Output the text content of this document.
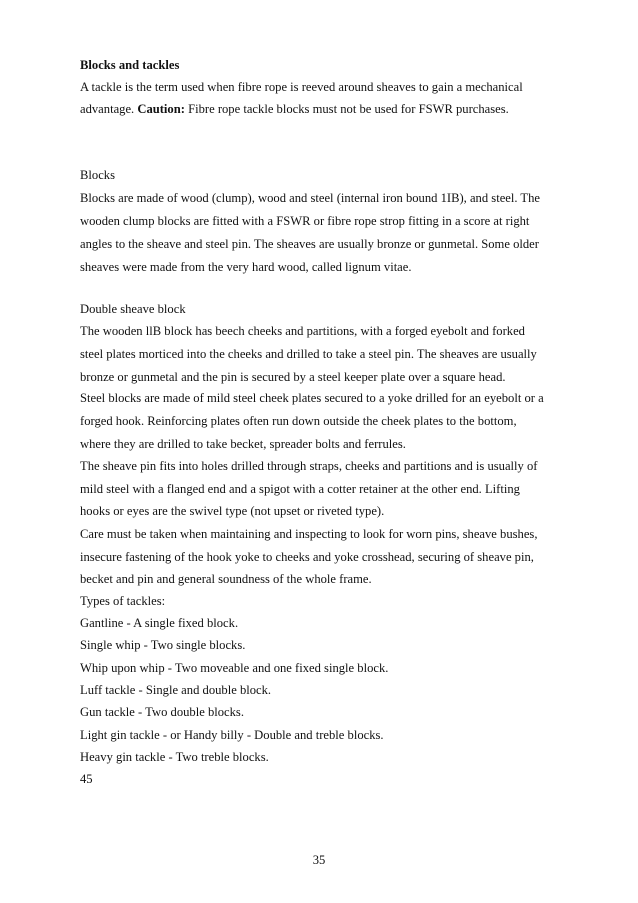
Blocks and tackles
A tackle is the term used when fibre rope is reeved around sheaves to gain a mechanical
advantage. Caution: Fibre rope tackle blocks must not be used for FSWR purchases.
Blocks
Blocks are made of wood (clump), wood and steel (internal iron bound 1IB), and steel. The
wooden clump blocks are fitted with a FSWR or fibre rope strop fitting in a score at right
angles to the sheave and steel pin. The sheaves are usually bronze or gunmetal. Some older
sheaves were made from the very hard wood, called lignum vitae.
Double sheave block
The wooden llB block has beech cheeks and partitions, with a forged eyebolt and forked
steel plates morticed into the cheeks and drilled to take a steel pin. The sheaves are usually
bronze or gunmetal and the pin is secured by a steel keeper plate over a square head.
Steel blocks are made of mild steel cheek plates secured to a yoke drilled for an eyebolt or a
forged hook. Reinforcing plates often run down outside the cheek plates to the bottom,
where they are drilled to take becket, spreader bolts and ferrules.
The sheave pin fits into holes drilled through straps, cheeks and partitions and is usually of
mild steel with a flanged end and a spigot with a cotter retainer at the other end. Lifting
hooks or eyes are the swivel type (not upset or riveted type).
Care must be taken when maintaining and inspecting to look for worn pins, sheave bushes,
insecure fastening of the hook yoke to cheeks and yoke crosshead, securing of sheave pin,
becket and pin and general soundness of the whole frame.
Types of tackles:
Gantline - A single fixed block.
Single whip - Two single blocks.
Whip upon whip - Two moveable and one fixed single block.
Luff tackle - Single and double block.
Gun tackle - Two double blocks.
Light gin tackle - or Handy billy - Double and treble blocks.
Heavy gin tackle - Two treble blocks.
45
35
